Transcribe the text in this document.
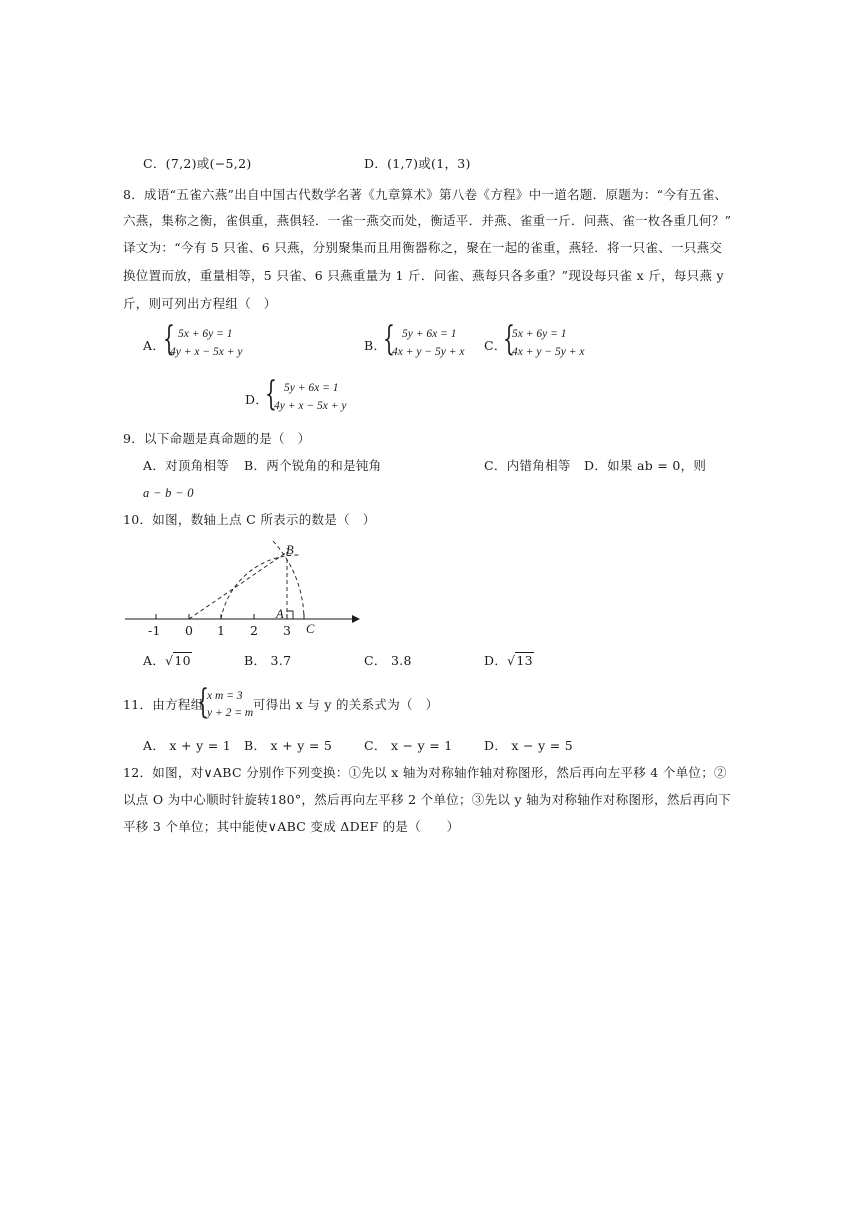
C．(7,2)或(−5,2)	D．(1,7)或(1，3)
8．成语“五雀六燕”出自中国古代数学名著《九章算术》第八卷《方程》中一道名题．原题为：“今有五雀、
六燕，集称之衡，雀俱重，燕俱轻．一雀一燕交而处，衡适平．并燕、雀重一斤．问燕、雀一枚各重几何？”
译文为：“今有 5 只雀、6 只燕，分别聚集而且用衡器称之，聚在一起的雀重，燕轻．将一只雀、一只燕交
换位置而放，重量相等，5 只雀、6 只燕重量为 1 斤．问雀、燕每只各多重？”现设每只雀 x 斤，每只燕 y
斤，则可列出方程组（　）
A．
{ 5x + 6y = 1
4y + x − 5x + y	B．
{ 5y + 6x = 1
4x + y − 5y + x C．
{
5x + 6y = 1
4x + y − 5y + x
D．
{ 5y + 6x = 1
4y + x − 5x + y
9．以下命题是真命题的是（　）
A．对顶角相等 B．两个锐角的和是钝角	C．内错角相等 D．如果 ab = 0，则
a − b − 0
10．如图，数轴上点 C 所表示的数是（　）
-1 0 1 2 3
B
A
C
A．√10	B． 3.7	C． 3.8	D．√13
11．由方程组
{
x m = 3
y + 2 = m
可得出 x 与 y 的关系式为（　）
A． x + y = 1 B． x + y = 5	C． x − y = 1	D． x − y = 5
12．如图，对∨ABC 分别作下列变换：①先以 x 轴为对称轴作轴对称图形，然后再向左平移 4 个单位；②
以点 O 为中心顺时针旋转180°，然后再向左平移 2 个单位；③先以 y 轴为对称轴作对称图形，然后再向下
平移 3 个单位；其中能使∨ABC 变成 ΔDEF 的是（　　）
